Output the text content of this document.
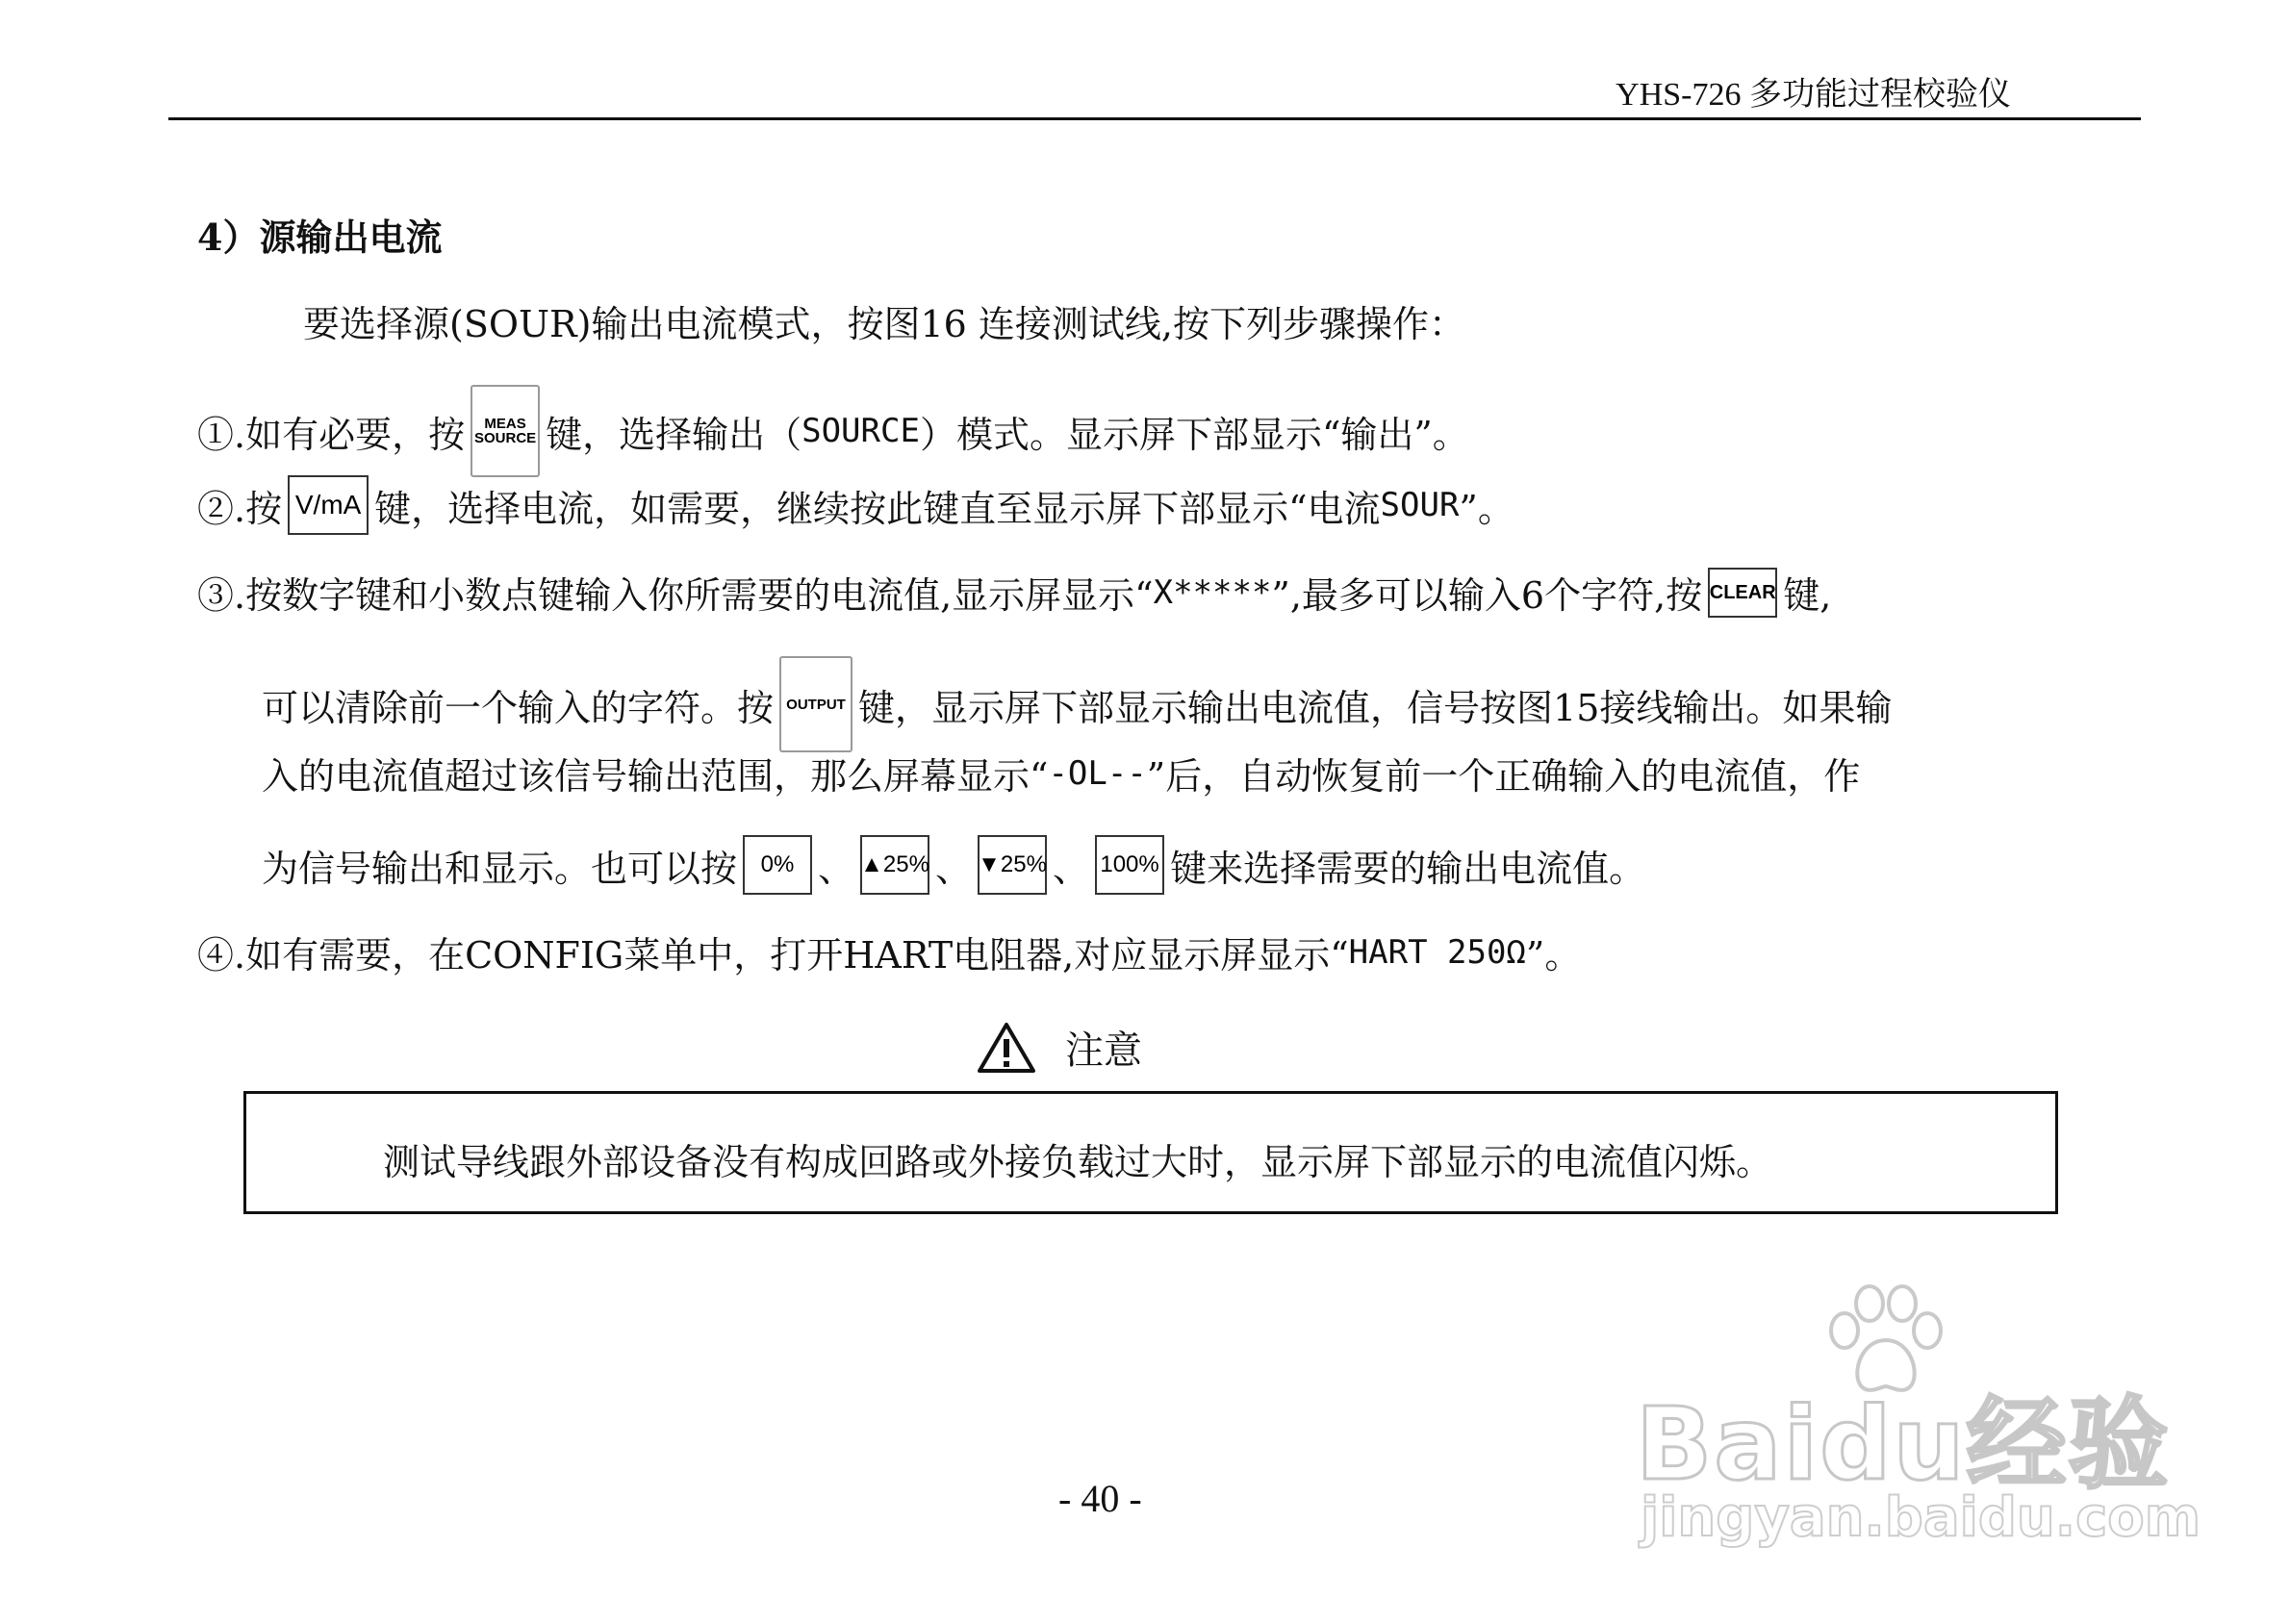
YHS-726 多功能过程校验仪
4）源输出电流
要选择源(SOUR)输出电流模式，按图16 连接测试线,按下列步骤操作：
①.如有必要，按 MEAS
SOURCE 键，选择输出（ SOURCE ）模式。显示屏下部显示“输出”。
②.按 V/mA 键，选择电流，如需要，继续按此键直至显示屏下部显示“电流 SOUR ”。
③.按数字键和小数点键输入你所需要的电流值,显示屏显示“ X***** ”,最多可以输入6个字符,按 CLEAR 键,
可以清除前一个输入的字符。按 OUTPUT 键，显示屏下部显示输出电流值，信号按图15接线输出。如果输
入的电流值超过该信号输出范围，那么屏幕显示“ -OL-- ”后，自动恢复前一个正确输入的电流值，作
为信号输出和显示。也可以按	0% 、 ▲25% 、 ▼25% 、 100% 键来选择需要的输出电流值。
④.如有需要，在CONFIG菜单中，打开HART电阻器,对应显示屏显示“ HART 250Ω ”。
注意
测试导线跟外部设备没有构成回路或外接负载过大时，显示屏下部显示的电流值闪烁。
- 40 -	Baidu经验
jingyan.baidu.com
